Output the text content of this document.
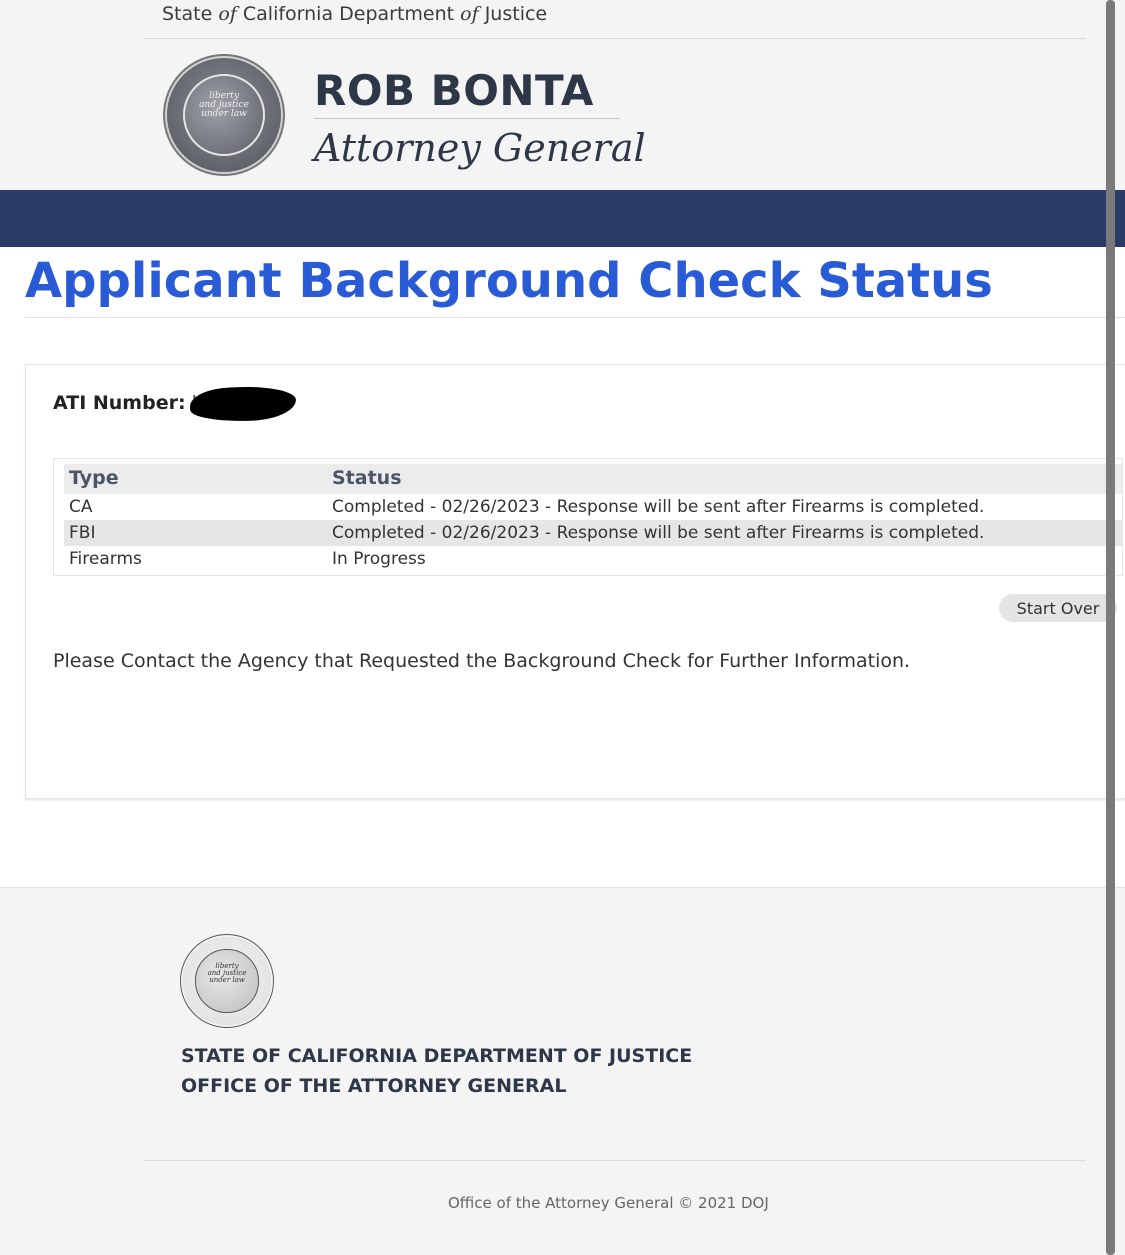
State of California Department of Justice
liberty
and justice
under law	ROB BONTA
Attorney General
Applicant Background Check Status
ATI Number:
Type	Status
CA	Completed - 02/26/2023 - Response will be sent after Firearms is completed.
FBI	Completed - 02/26/2023 - Response will be sent after Firearms is completed.
Firearms	In Progress
Start Over
Please Contact the Agency that Requested the Background Check for Further Information.
liberty
and justice
under law
STATE OF CALIFORNIA DEPARTMENT OF JUSTICE
OFFICE OF THE ATTORNEY GENERAL
Office of the Attorney General © 2021 DOJ
